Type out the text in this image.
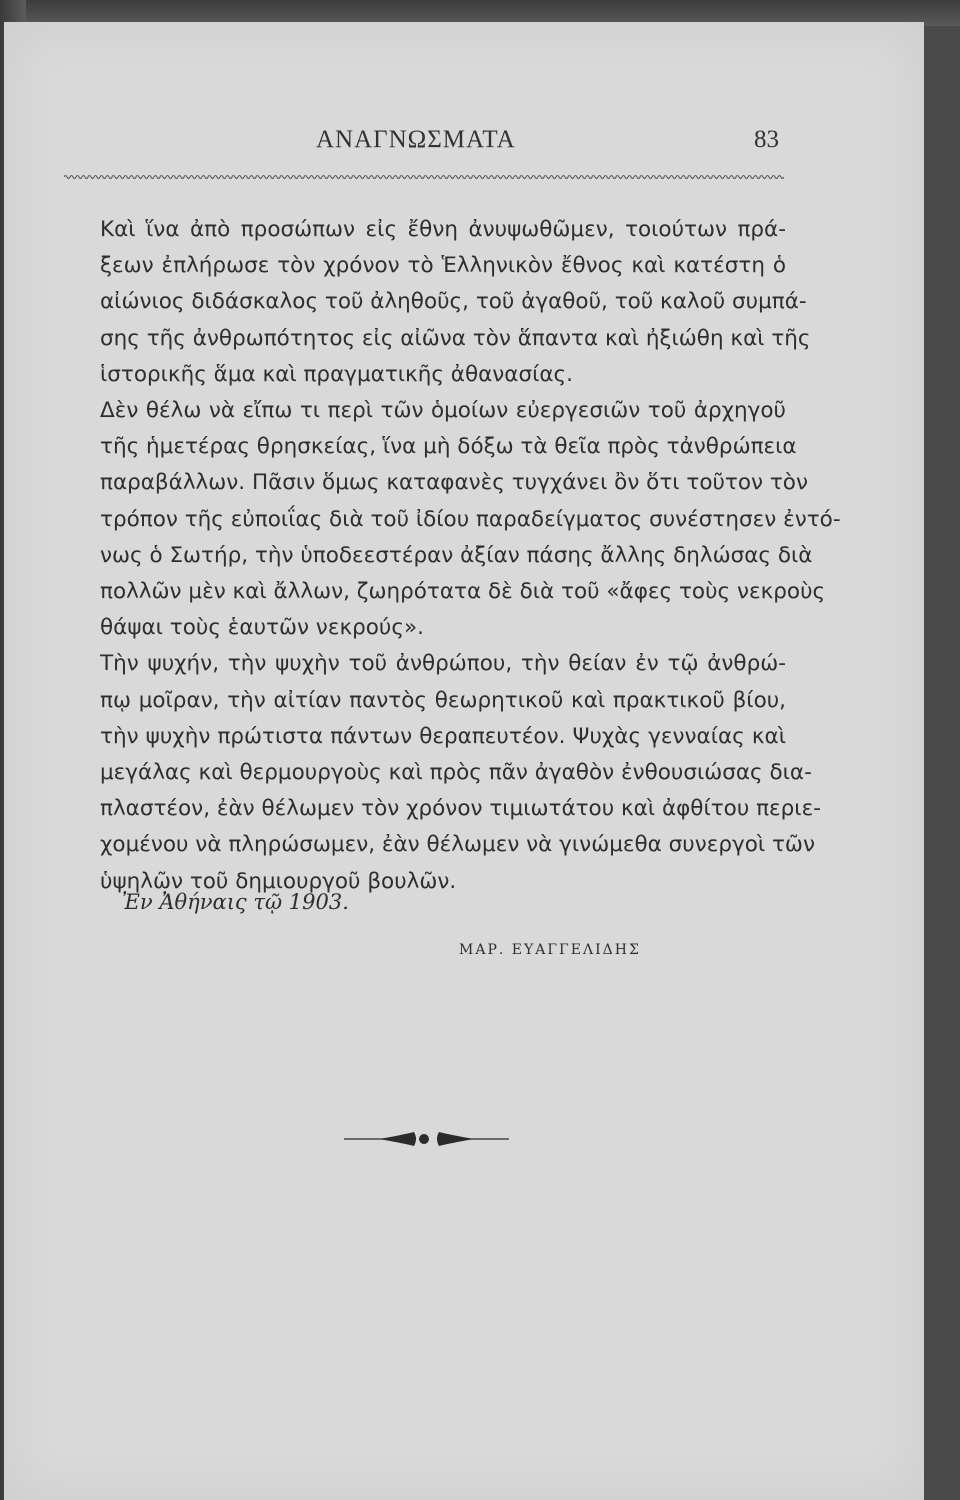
ΑΝΑΓΝΩΣΜΑΤΑ	83

Καὶ ἵνα ἀπὸ προσώπων εἰς ἔθνη ἀνυψωθῶμεν, τοιούτων πρά-
ξεων ἐπλήρωσε τὸν χρόνον τὸ Ἑλληνικὸν ἔθνος καὶ κατέστη ὁ
αἰώνιος διδάσκαλος τοῦ ἀληθοῦς, τοῦ ἀγαθοῦ, τοῦ καλοῦ συμπά-
σης τῆς ἀνθρωπότητος εἰς αἰῶνα τὸν ἅπαντα καὶ ἠξιώθη καὶ τῆς
ἱστορικῆς ἅμα καὶ πραγματικῆς ἀθανασίας.

Δὲν θέλω νὰ εἴπω τι περὶ τῶν ὁμοίων εὐεργεσιῶν τοῦ ἀρχηγοῦ
τῆς ἡμετέρας θρησκείας, ἵνα μὴ δόξω τὰ θεῖα πρὸς τἀνθρώπεια
παραβάλλων. Πᾶσιν ὅμως καταφανὲς τυγχάνει ὂν ὅτι τοῦτον τὸν
τρόπον τῆς εὐποιΐας διὰ τοῦ ἰδίου παραδείγματος συνέστησεν ἐντό-
νως ὁ Σωτήρ, τὴν ὑποδεεστέραν ἀξίαν πάσης ἄλλης δηλώσας διὰ
πολλῶν μὲν καὶ ἄλλων, ζωηρότατα δὲ διὰ τοῦ «ἄφες τοὺς νεκροὺς
θάψαι τοὺς ἑαυτῶν νεκρούς».

Τὴν ψυχήν, τὴν ψυχὴν τοῦ ἀνθρώπου, τὴν θείαν ἐν τῷ ἀνθρώ-
πῳ μοῖραν, τὴν αἰτίαν παντὸς θεωρητικοῦ καὶ πρακτικοῦ βίου,
τὴν ψυχὴν πρώτιστα πάντων θεραπευτέον. Ψυχὰς γενναίας καὶ
μεγάλας καὶ θερμουργοὺς καὶ πρὸς πᾶν ἀγαθὸν ἐνθουσιώσας δια-
πλαστέον, ἐὰν θέλωμεν τὸν χρόνον τιμιωτάτου καὶ ἀφθίτου περιε-
χομένου νὰ πληρώσωμεν, ἐὰν θέλωμεν νὰ γινώμεθα συνεργοὶ τῶν
ὑψηλῶν τοῦ δημιουργοῦ βουλῶν.

Ἐν Ἀθήναις τῷ 1903.
ΜΑΡ. ΕΥΑΓΓΕΛΙΔΗΣ
